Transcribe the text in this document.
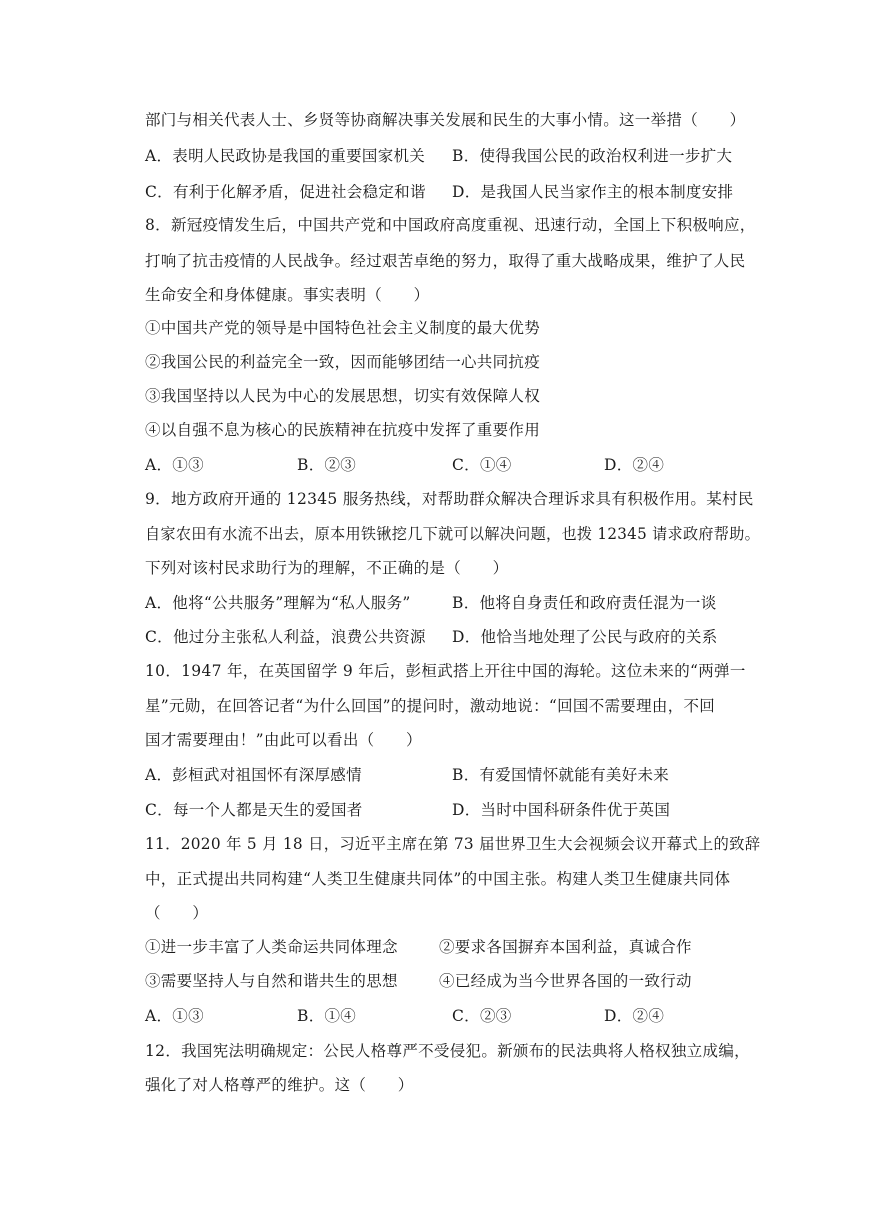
部门与相关代表人士、乡贤等协商解决事关发展和民生的大事小情。这一举措（　　）
A．表明人民政协是我国的重要国家机关 B．使得我国公民的政治权利进一步扩大
C．有利于化解矛盾，促进社会稳定和谐 D．是我国人民当家作主的根本制度安排
8．新冠疫情发生后，中国共产党和中国政府高度重视、迅速行动，全国上下积极响应，
打响了抗击疫情的人民战争。经过艰苦卓绝的努力，取得了重大战略成果，维护了人民
生命安全和身体健康。事实表明（　　）
①中国共产党的领导是中国特色社会主义制度的最大优势
②我国公民的利益完全一致，因而能够团结一心共同抗疫
③我国坚持以人民为中心的发展思想，切实有效保障人权
④以自强不息为核心的民族精神在抗疫中发挥了重要作用
A．①③	B．②③	C．①④	D．②④
9．地方政府开通的 12345 服务热线，对帮助群众解决合理诉求具有积极作用。某村民
自家农田有水流不出去，原本用铁锹挖几下就可以解决问题，也拨 12345 请求政府帮助。
下列对该村民求助行为的理解，不正确的是（　　）
A．他将“公共服务”理解为“私人服务”	B．他将自身责任和政府责任混为一谈
C．他过分主张私人利益，浪费公共资源 D．他恰当地处理了公民与政府的关系
10．1947 年，在英国留学 9 年后，彭桓武搭上开往中国的海轮。这位未来的“两弹一
星”元勋，在回答记者“为什么回国”的提问时，激动地说：“回国不需要理由，不回
国才需要理由！”由此可以看出（　　）
A．彭桓武对祖国怀有深厚感情	B．有爱国情怀就能有美好未来
C．每一个人都是天生的爱国者	D．当时中国科研条件优于英国
11．2020 年 5 月 18 日，习近平主席在第 73 届世界卫生大会视频会议开幕式上的致辞
中，正式提出共同构建“人类卫生健康共同体”的中国主张。构建人类卫生健康共同体
（　　）
①进一步丰富了人类命运共同体理念	②要求各国摒弃本国利益，真诚合作
③需要坚持人与自然和谐共生的思想	④已经成为当今世界各国的一致行动
A．①③	B．①④	C．②③	D．②④
12．我国宪法明确规定：公民人格尊严不受侵犯。新颁布的民法典将人格权独立成编，
强化了对人格尊严的维护。这（　　）
